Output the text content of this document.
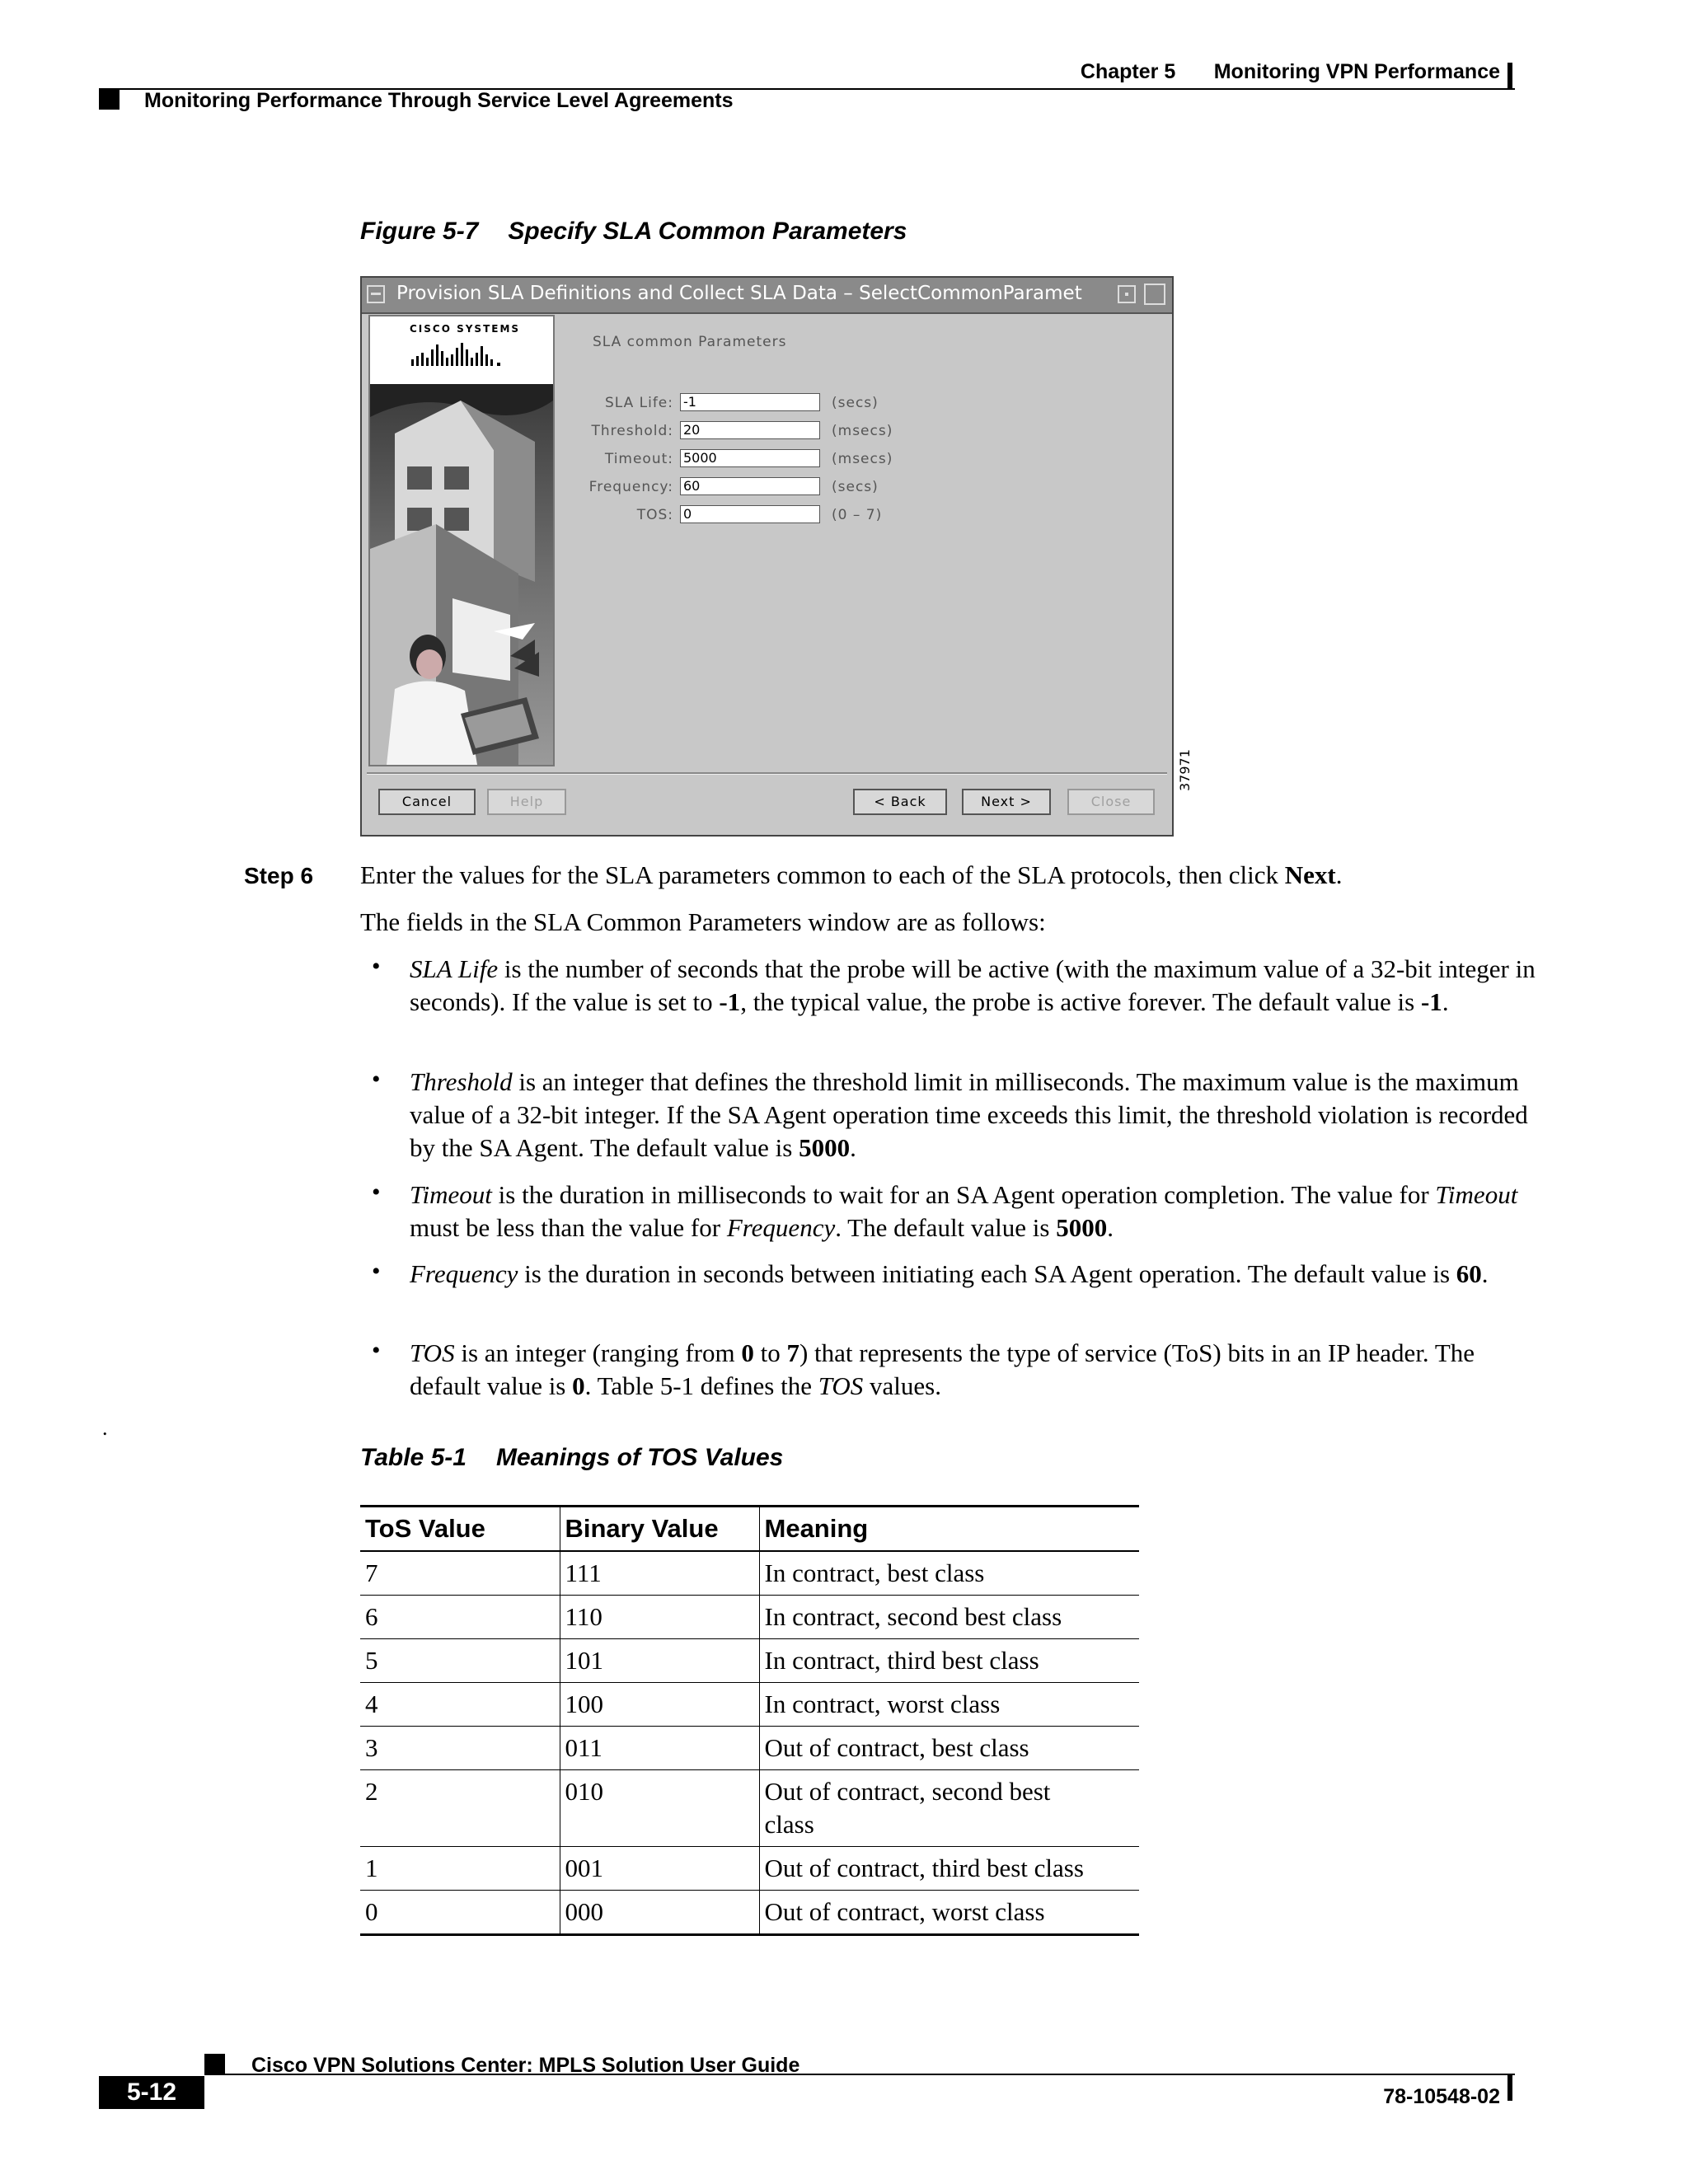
Chapter 5 Monitoring VPN Performance
Monitoring Performance Through Service Level Agreements
Figure 5-7 Specify SLA Common Parameters
Provision SLA Definitions and Collect SLA Data – SelectCommonParamet
CISCO SYSTEMS
SLA common Parameters
SLA Life: -1	(secs)
Threshold: 20	(msecs)
Timeout: 5000	(msecs)
Frequency: 60	(secs)
TOS: 0	(0 – 7)
Cancel	Help	< Back	Next >	Close
37971
Step 6 Enter the values for the SLA parameters common to each of the SLA protocols, then click Next.
The fields in the SLA Common Parameters window are as follows:
• SLA Life is the number of seconds that the probe will be active (with the maximum value of a 32-bit integer in seconds). If the value is set to -1, the typical value, the probe is active forever. The default value is -1.
• Threshold is an integer that defines the threshold limit in milliseconds. The maximum value is the maximum value of a 32-bit integer. If the SA Agent operation time exceeds this limit, the threshold violation is recorded by the SA Agent. The default value is 5000.
• Timeout is the duration in milliseconds to wait for an SA Agent operation completion. The value for Timeout must be less than the value for Frequency. The default value is 5000.
• Frequency is the duration in seconds between initiating each SA Agent operation. The default value is 60.
• TOS is an integer (ranging from 0 to 7) that represents the type of service (ToS) bits in an IP header. The default value is 0. Table 5-1 defines the TOS values.
.
Table 5-1 Meanings of TOS Values
ToS Value	Binary Value	Meaning
7	111	In contract, best class
6	110	In contract, second best class
5	101	In contract, third best class
4	100	In contract, worst class
3	011	Out of contract, best class
2	010	Out of contract, second best class
1	001	Out of contract, third best class
0	000	Out of contract, worst class
Cisco VPN Solutions Center: MPLS Solution User Guide
5-12	78-10548-02
